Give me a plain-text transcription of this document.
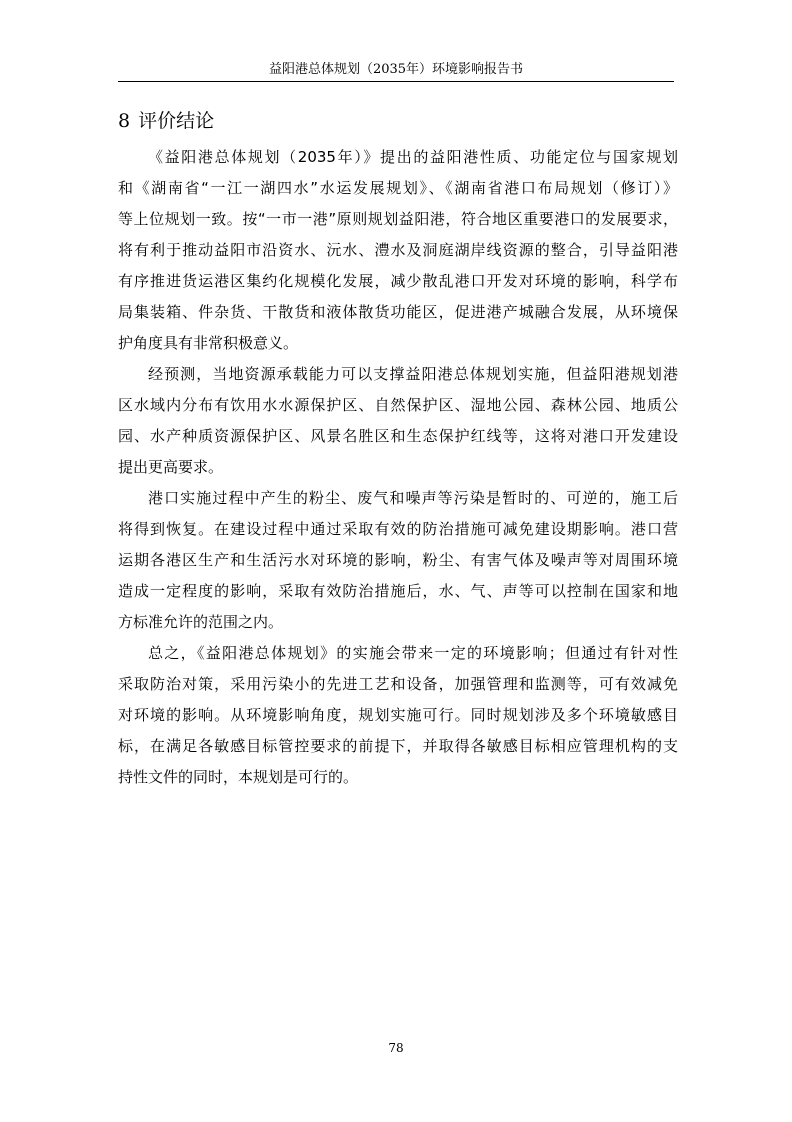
益阳港总体规划（2035年）环境影响报告书
8 评价结论
《益阳港总体规划（2035年）》提出的益阳港性质、功能定位与国家规划
和《湖南省“一江一湖四水”水运发展规划》、《湖南省港口布局规划（修订）》
等上位规划一致。按“一市一港”原则规划益阳港，符合地区重要港口的发展要求，
将有利于推动益阳市沿资水、沅水、澧水及洞庭湖岸线资源的整合，引导益阳港
有序推进货运港区集约化规模化发展，减少散乱港口开发对环境的影响，科学布
局集装箱、件杂货、干散货和液体散货功能区，促进港产城融合发展，从环境保
护角度具有非常积极意义。
经预测，当地资源承载能力可以支撑益阳港总体规划实施，但益阳港规划港
区水域内分布有饮用水水源保护区、自然保护区、湿地公园、森林公园、地质公
园、水产种质资源保护区、风景名胜区和生态保护红线等，这将对港口开发建设
提出更高要求。
港口实施过程中产生的粉尘、废气和噪声等污染是暂时的、可逆的，施工后
将得到恢复。在建设过程中通过采取有效的防治措施可减免建设期影响。港口营
运期各港区生产和生活污水对环境的影响，粉尘、有害气体及噪声等对周围环境
造成一定程度的影响，采取有效防治措施后，水、气、声等可以控制在国家和地
方标准允许的范围之内。
总之，《益阳港总体规划》的实施会带来一定的环境影响；但通过有针对性
采取防治对策，采用污染小的先进工艺和设备，加强管理和监测等，可有效减免
对环境的影响。从环境影响角度，规划实施可行。同时规划涉及多个环境敏感目
标，在满足各敏感目标管控要求的前提下，并取得各敏感目标相应管理机构的支
持性文件的同时，本规划是可行的。
78
